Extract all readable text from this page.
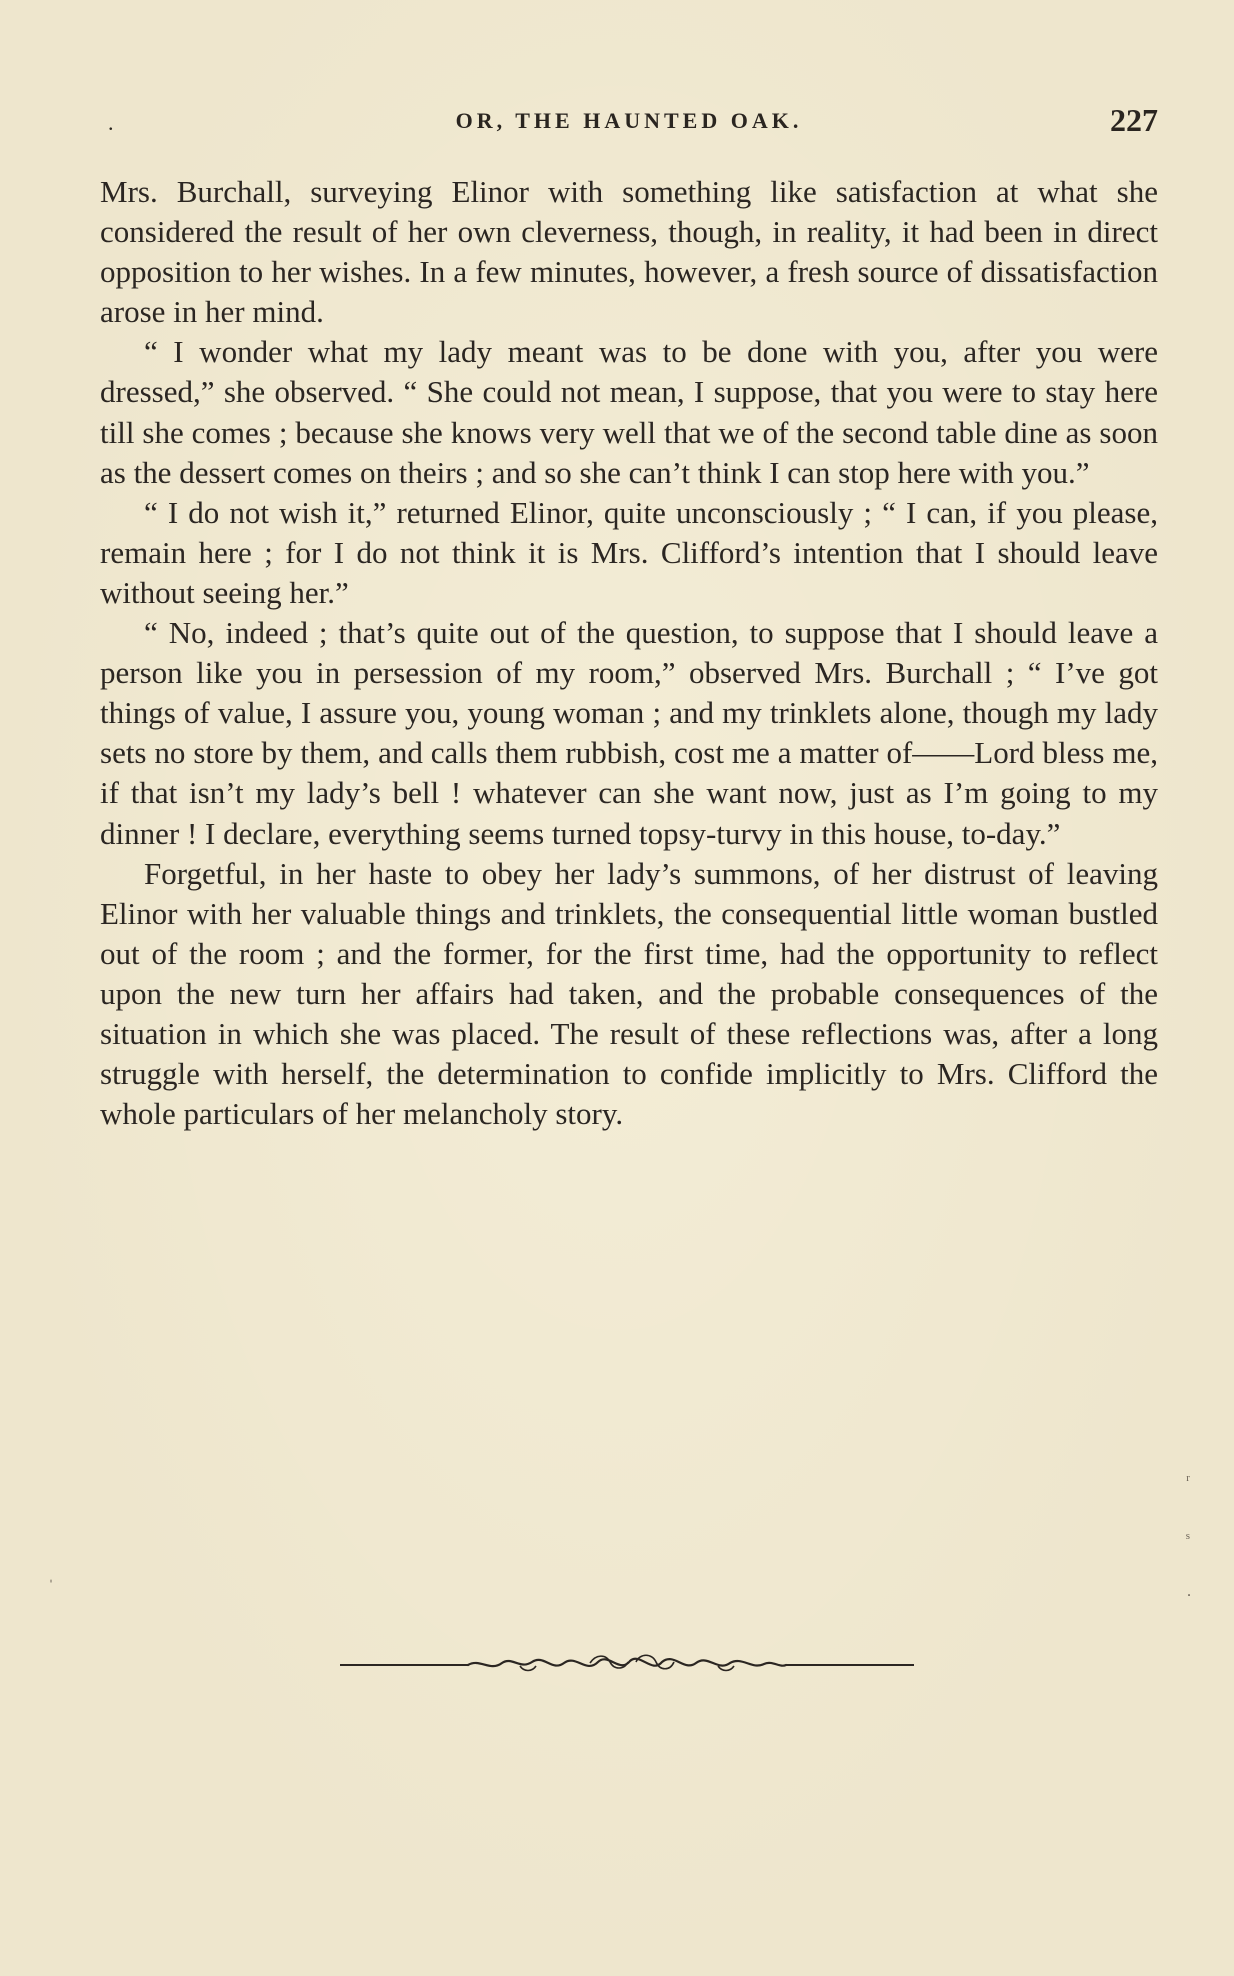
.	OR, THE HAUNTED OAK.	227

Mrs. Burchall, surveying Elinor with something like satisfaction at what she considered the result of her own cleverness, though, in reality, it had been in direct opposition to her wishes. In a few minutes, however, a fresh source of dissatisfaction arose in her mind.

“ I wonder what my lady meant was to be done with you, after you were dressed,” she observed. “ She could not mean, I suppose, that you were to stay here till she comes ; because she knows very well that we of the second table dine as soon as the dessert comes on theirs ; and so she can’t think I can stop here with you.”

“ I do not wish it,” returned Elinor, quite unconsciously ; “ I can, if you please, remain here ; for I do not think it is Mrs. Clifford’s intention that I should leave without seeing her.”

“ No, indeed ; that’s quite out of the question, to suppose that I should leave a person like you in persession of my room,” observed Mrs. Burchall ; “ I’ve got things of value, I assure you, young woman ; and my trinklets alone, though my lady sets no store by them, and calls them rubbish, cost me a matter of——Lord bless me, if that isn’t my lady’s bell ! whatever can she want now, just as I’m going to my dinner ! I declare, everything seems turned topsy-turvy in this house, to-day.”

Forgetful, in her haste to obey her lady’s summons, of her distrust of leaving Elinor with her valuable things and trinklets, the consequential little woman bustled out of the room ; and the former, for the first time, had the opportunity to reflect upon the new turn her affairs had taken, and the probable consequences of the situation in which she was placed. The result of these reflections was, after a long struggle with herself, the determination to confide implicitly to Mrs. Clifford the whole particulars of her melancholy story.

ʳ
ˢ
˙
ˈ
